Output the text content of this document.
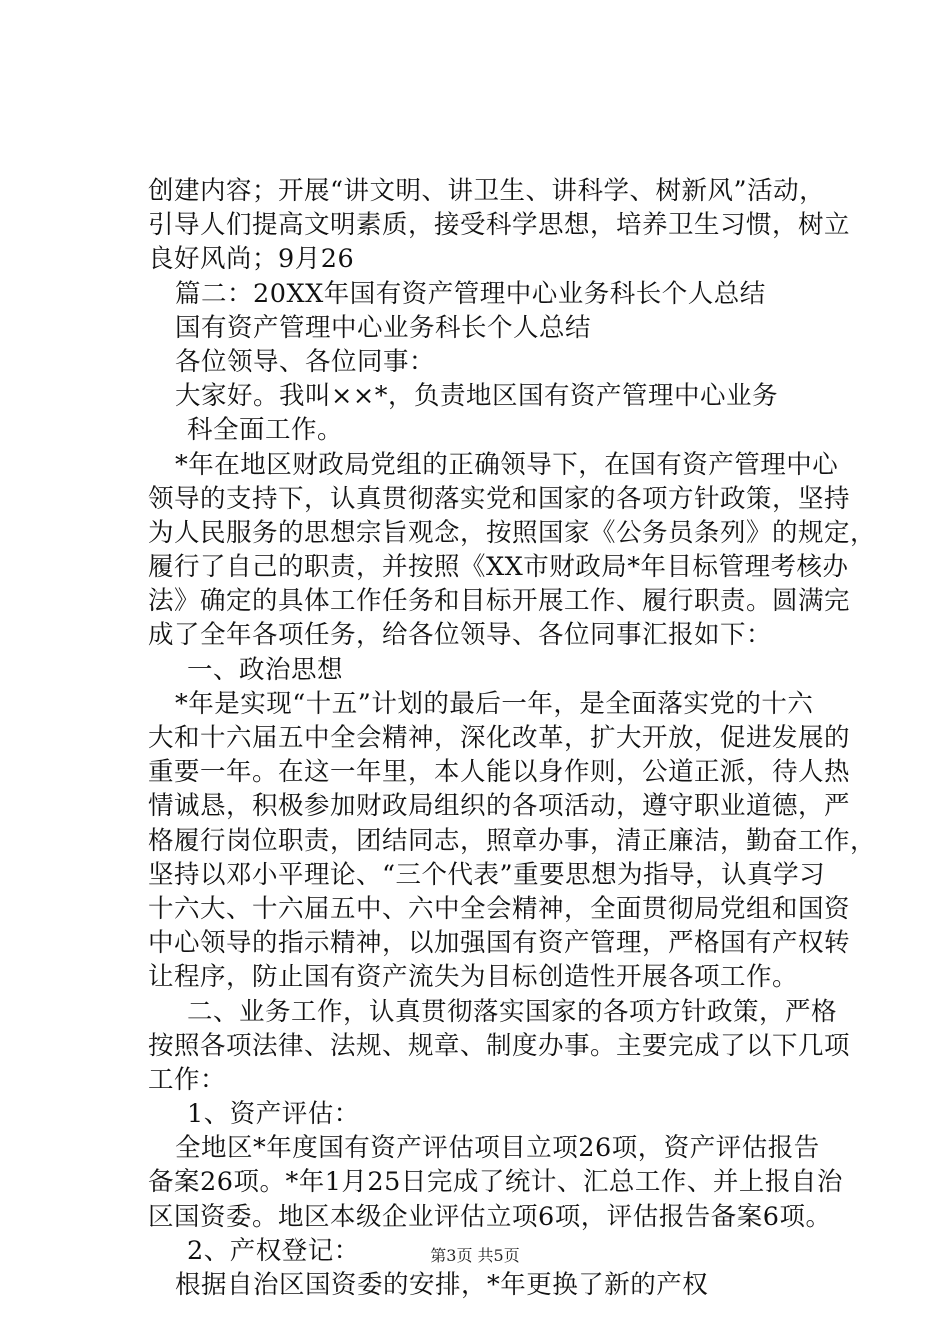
创建内容；开展“讲文明、讲卫生、讲科学、树新风”活动，
引导人们提高文明素质，接受科学思想，培养卫生习惯，树立
良好风尚；9月26
篇二：20XX年国有资产管理中心业务科长个人总结
国有资产管理中心业务科长个人总结
各位领导、各位同事：
大家好。我叫××*，负责地区国有资产管理中心业务
科全面工作。
*年在地区财政局党组的正确领导下，在国有资产管理中心
领导的支持下，认真贯彻落实党和国家的各项方针政策，坚持
为人民服务的思想宗旨观念，按照国家《公务员条列》的规定，
履行了自己的职责，并按照《XX市财政局*年目标管理考核办
法》确定的具体工作任务和目标开展工作、履行职责。圆满完
成了全年各项任务，给各位领导、各位同事汇报如下：
一、政治思想
*年是实现“十五”计划的最后一年，是全面落实党的十六
大和十六届五中全会精神，深化改革，扩大开放，促进发展的
重要一年。在这一年里，本人能以身作则，公道正派，待人热
情诚恳，积极参加财政局组织的各项活动，遵守职业道德，严
格履行岗位职责，团结同志，照章办事，清正廉洁，勤奋工作，
坚持以邓小平理论、“三个代表”重要思想为指导，认真学习
十六大、十六届五中、六中全会精神，全面贯彻局党组和国资
中心领导的指示精神，以加强国有资产管理，严格国有产权转
让程序，防止国有资产流失为目标创造性开展各项工作。
二、业务工作，认真贯彻落实国家的各项方针政策，严格
按照各项法律、法规、规章、制度办事。主要完成了以下几项
工作：
1、资产评估：
全地区*年度国有资产评估项目立项26项，资产评估报告
备案26项。*年1月25日完成了统计、汇总工作、并上报自治
区国资委。地区本级企业评估立项6项，评估报告备案6项。
2、产权登记：
根据自治区国资委的安排，*年更换了新的产权
第3页 共5页
